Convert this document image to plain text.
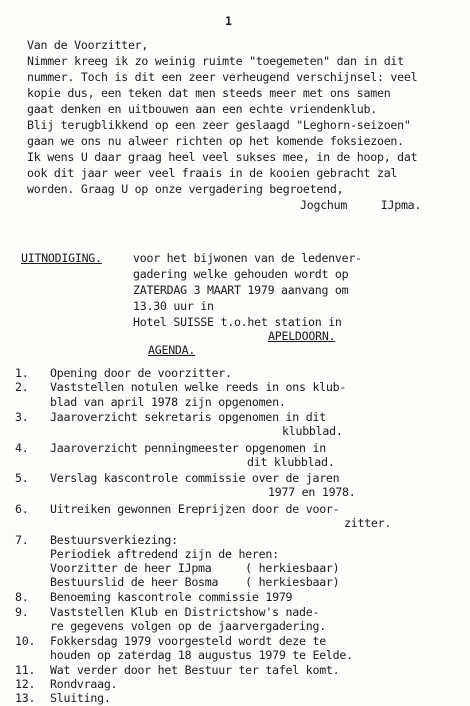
1
Van de Voorzitter,
Nimmer kreeg ik zo weinig ruimte "toegemeten" dan in dit
nummer. Toch is dit een zeer verheugend verschijnsel: veel
kopie dus, een teken dat men steeds meer met ons samen
gaat denken en uitbouwen aan een echte vriendenklub.
Blij terugblikkend op een zeer geslaagd "Leghorn-seizoen"
gaan we ons nu alweer richten op het komende foksiezoen.
Ik wens U daar graag heel veel sukses mee, in de hoop, dat
ook dit jaar weer veel fraais in de kooien gebracht zal
worden. Graag U op onze vergadering begroetend,
Jogchum     IJpma.
UITNODIGING.	voor het bijwonen van de ledenver-
gadering welke gehouden wordt op
ZATERDAG 3 MAART 1979 aanvang om
13.30 uur in
Hotel SUISSE t.o.het station in
APELDOORN.
AGENDA.
1. Opening door de voorzitter.
2. Vaststellen notulen welke reeds in ons klub-
blad van april 1978 zijn opgenomen.
3. Jaaroverzicht sekretaris opgenomen in dit
klubblad.
4. Jaaroverzicht penningmeester opgenomen in
dit klubblad.
5. Verslag kascontrole commissie over de jaren
1977 en 1978.
6. Uitreiken gewonnen Ereprijzen door de voor-
zitter.
7. Bestuursverkiezing:
Periodiek aftredend zijn de heren:
Voorzitter de heer IJpma     ( herkiesbaar)
Bestuurslid de heer Bosma    ( herkiesbaar)
8. Benoeming kascontrole commissie 1979
9. Vaststellen Klub en Districtshow's nade-
re gegevens volgen op de jaarvergadering.
10. Fokkersdag 1979 voorgesteld wordt deze te
houden op zaterdag 18 augustus 1979 te Eelde.
11. Wat verder door het Bestuur ter tafel komt.
12. Rondvraag.
13. Sluiting.
